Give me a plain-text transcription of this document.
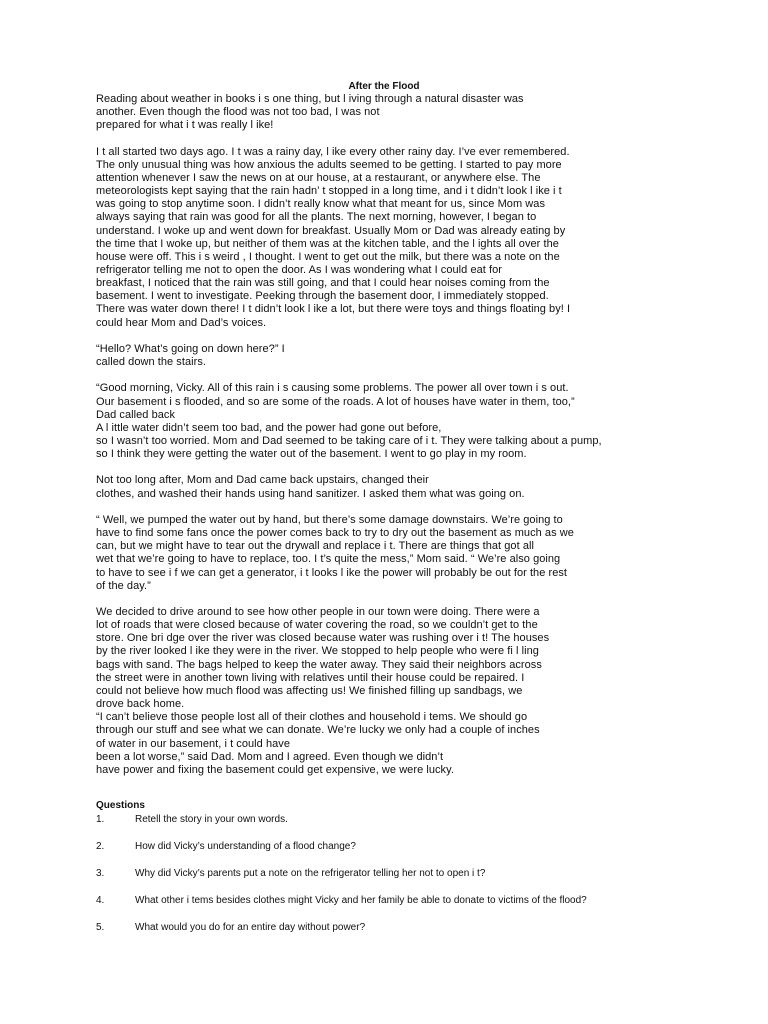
After the Flood
Reading about weather in books i s one thing, but l iving through a natural disaster was
another. Even though the flood was not too bad, I was not
prepared for what i t was really l ike!
I t all started two days ago. I t was a rainy day, l ike every other rainy day. I’ve ever remembered.
The only unusual thing was how anxious the adults seemed to be getting. I started to pay more
attention whenever I saw the news on at our house, at a restaurant, or anywhere else. The
meteorologists kept saying that the rain hadn’ t stopped in a long time, and i t didn’t look l ike i t
was going to stop anytime soon. I didn’t really know what that meant for us, since Mom was
always saying that rain was good for all the plants. The next morning, however, I began to
understand. I woke up and went down for breakfast. Usually Mom or Dad was already eating by
the time that I woke up, but neither of them was at the kitchen table, and the l ights all over the
house were off. This i s weird , I thought. I went to get out the milk, but there was a note on the
refrigerator telling me not to open the door. As I was wondering what I could eat for
breakfast, I noticed that the rain was still going, and that I could hear noises coming from the
basement. I went to investigate. Peeking through the basement door, I immediately stopped.
There was water down there! I t didn’t look l ike a lot, but there were toys and things floating by! I
could hear Mom and Dad’s voices.
“Hello? What’s going on down here?” I
called down the stairs.
“Good morning, Vicky. All of this rain i s causing some problems. The power all over town i s out.
Our basement i s flooded, and so are some of the roads. A lot of houses have water in them, too,”
Dad called back
A l ittle water didn’t seem too bad, and the power had gone out before,
so I wasn’t too worried. Mom and Dad seemed to be taking care of i t. They were talking about a pump,
so I think they were getting the water out of the basement. I went to go play in my room.
Not too long after, Mom and Dad came back upstairs, changed their
clothes, and washed their hands using hand sanitizer. I asked them what was going on.
“ Well, we pumped the water out by hand, but there’s some damage downstairs. We’re going to
have to find some fans once the power comes back to try to dry out the basement as much as we
can, but we might have to tear out the drywall and replace i t. There are things that got all
wet that we’re going to have to replace, too. I t’s quite the mess,” Mom said. “ We’re also going
to have to see i f we can get a generator, i t looks l ike the power will probably be out for the rest
of the day.”
We decided to drive around to see how other people in our town were doing. There were a
lot of roads that were closed because of water covering the road, so we couldn’t get to the
store. One bri dge over the river was closed because water was rushing over i t! The houses
by the river looked l ike they were in the river. We stopped to help people who were fi l ling
bags with sand. The bags helped to keep the water away. They said their neighbors across
the street were in another town living with relatives until their house could be repaired. I
could not believe how much flood was affecting us! We finished filling up sandbags, we
drove back home.
“I can’t believe those people lost all of their clothes and household i tems. We should go
through our stuff and see what we can donate. We’re lucky we only had a couple of inches
of water in our basement, i t could have
been a lot worse,” said Dad. Mom and I agreed. Even though we didn’t
have power and fixing the basement could get expensive, we were lucky.
Questions
1.	Retell the story in your own words.
2.	How did Vicky’s understanding of a flood change?
3.	Why did Vicky’s parents put a note on the refrigerator telling her not to open i t?
4.	What other i tems besides clothes might Vicky and her family be able to donate to victims of the flood?
5.	What would you do for an entire day without power?
